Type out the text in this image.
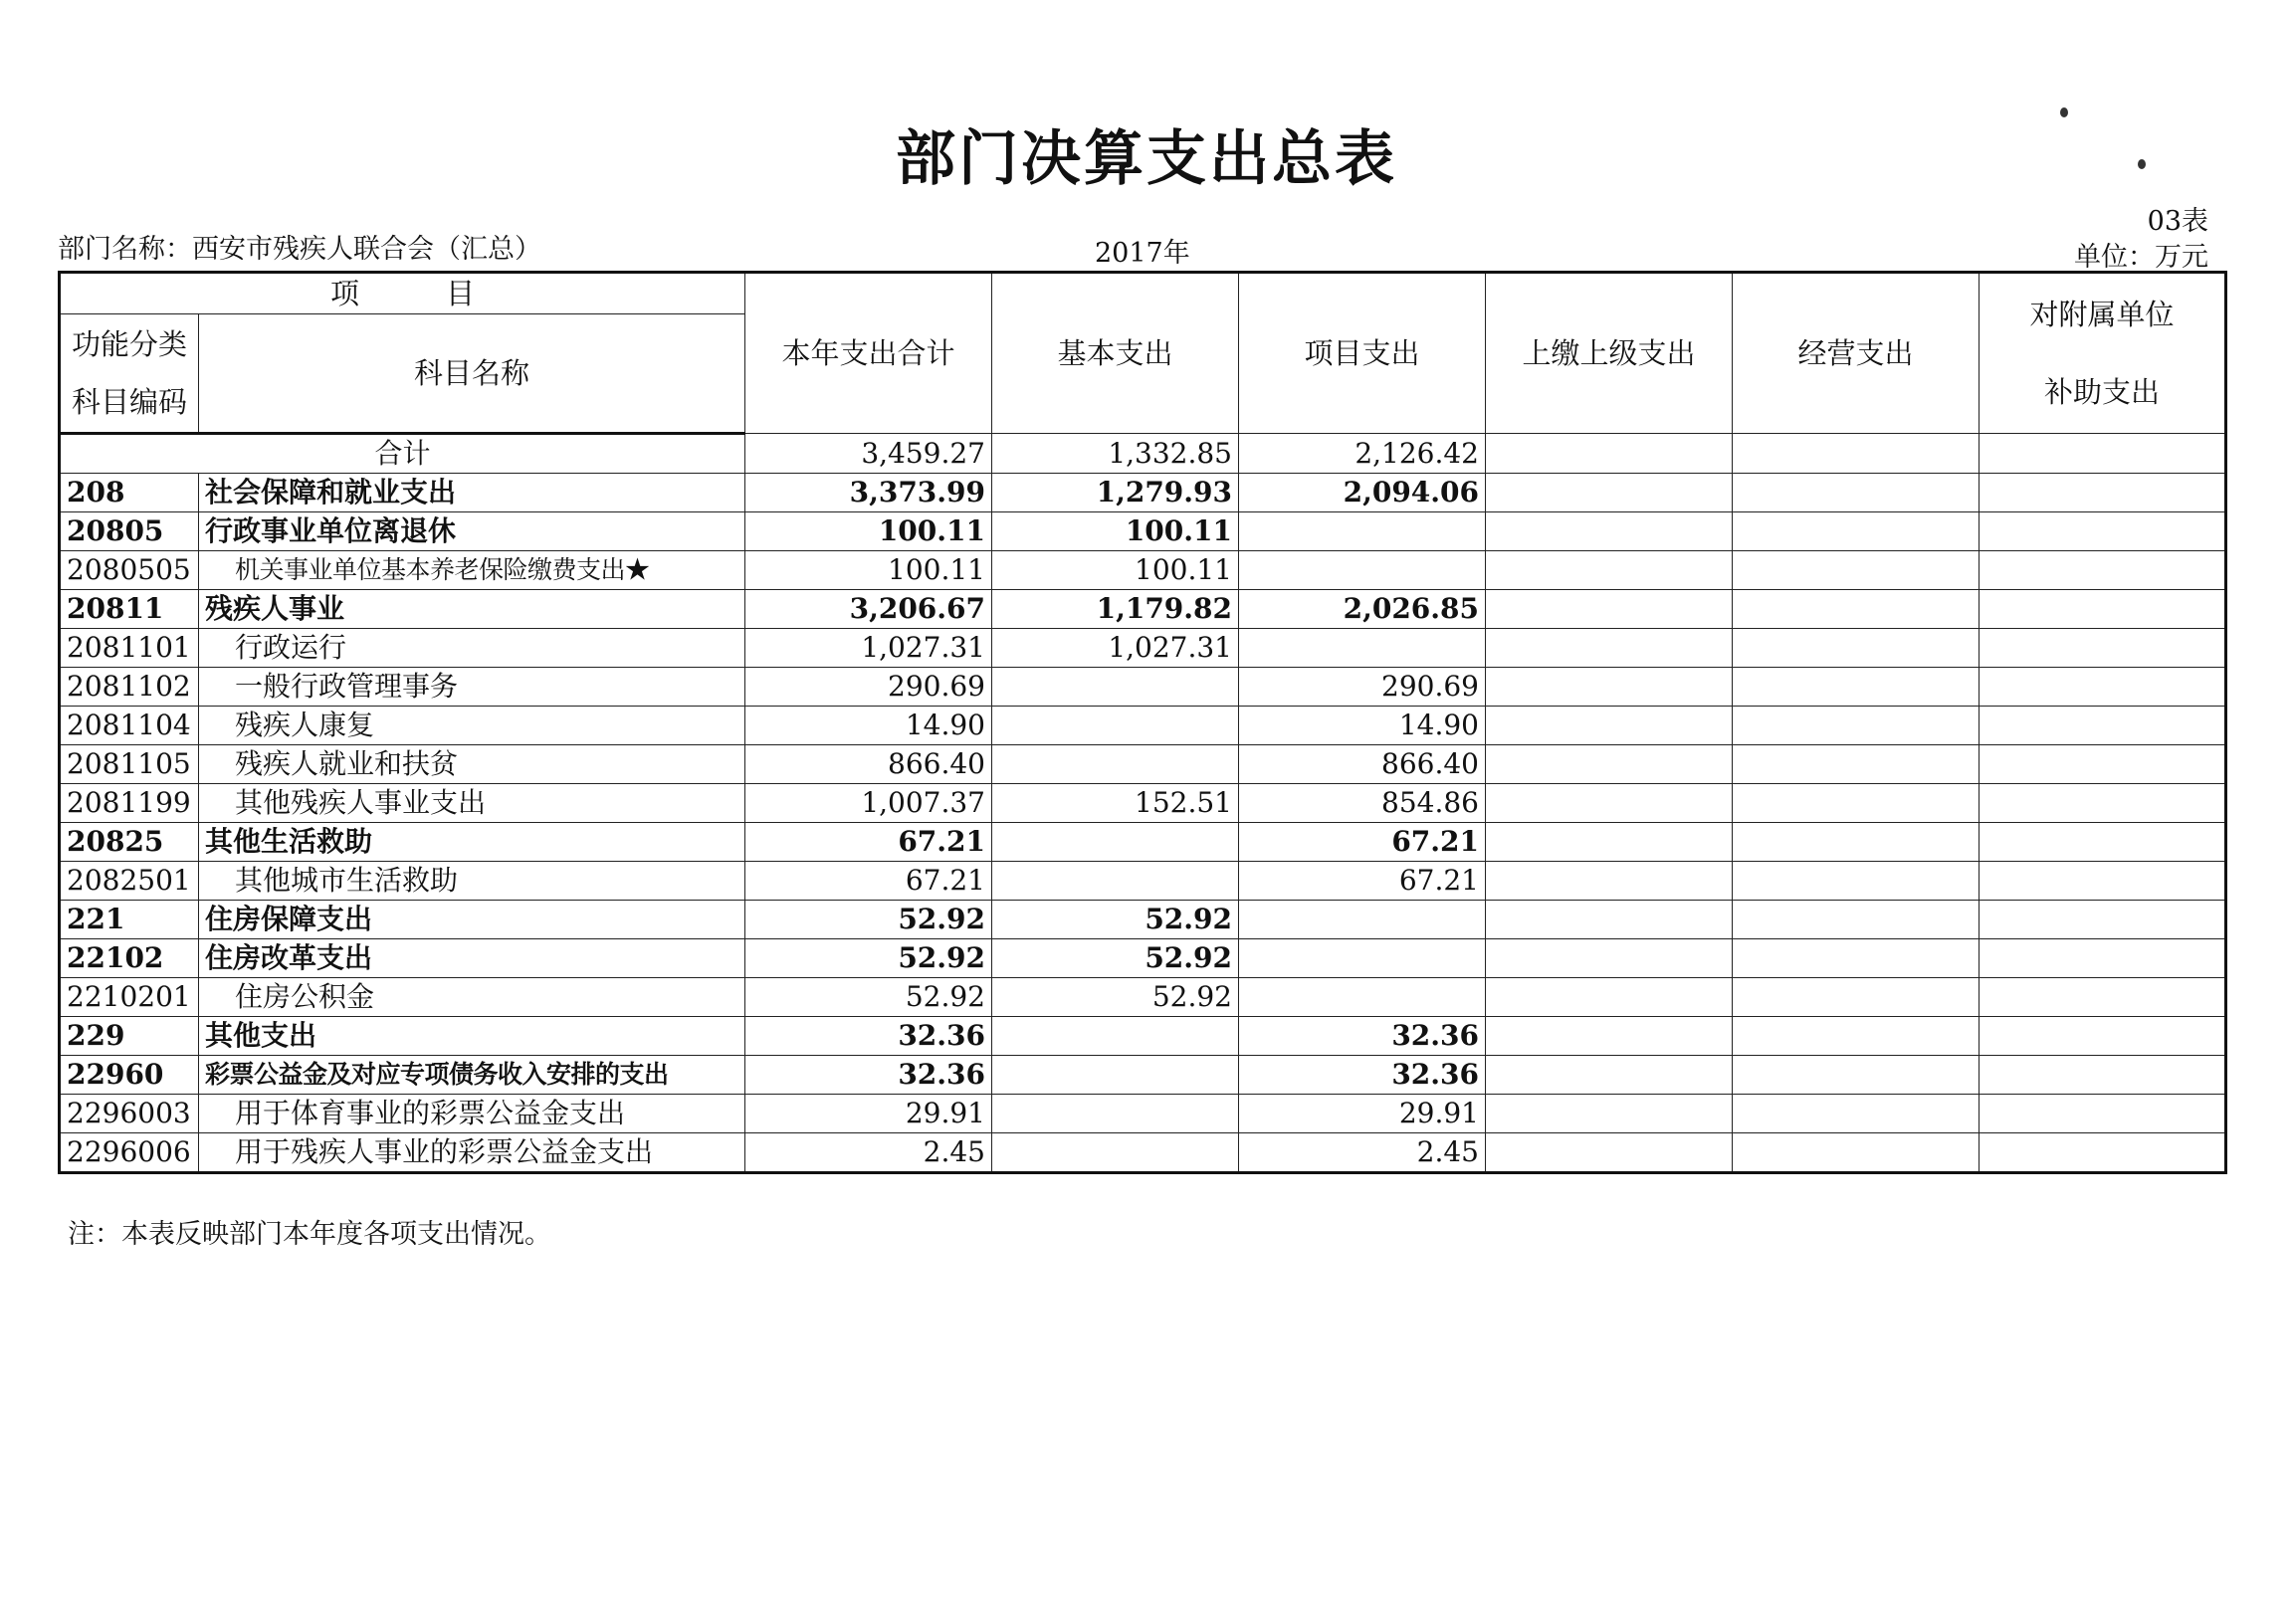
部门决算支出总表
03表
部门名称：西安市残疾人联合会（汇总）	2017年	单位：万元
项　　　目		本年支出合计	基本支出	项目支出	上缴上级支出	经营支出	对附属单位补助支出
功能分类科目编码	科目名称						
合计		3,459.27	1,332.85	2,126.42			
208	社会保障和就业支出	3,373.99	1,279.93	2,094.06			
20805	行政事业单位离退休	100.11	100.11				
2080505	机关事业单位基本养老保险缴费支出★	100.11	100.11				
20811	残疾人事业	3,206.67	1,179.82	2,026.85			
2081101	行政运行	1,027.31	1,027.31				
2081102	一般行政管理事务	290.69		290.69			
2081104	残疾人康复	14.90		14.90			
2081105	残疾人就业和扶贫	866.40		866.40			
2081199	其他残疾人事业支出	1,007.37	152.51	854.86			
20825	其他生活救助	67.21		67.21			
2082501	其他城市生活救助	67.21		67.21			
221	住房保障支出	52.92	52.92				
22102	住房改革支出	52.92	52.92				
2210201	住房公积金	52.92	52.92				
229	其他支出	32.36		32.36			
22960	彩票公益金及对应专项债务收入安排的支出	32.36		32.36			
2296003	用于体育事业的彩票公益金支出	29.91		29.91			
2296006	用于残疾人事业的彩票公益金支出	2.45		2.45			
注：本表反映部门本年度各项支出情况。
